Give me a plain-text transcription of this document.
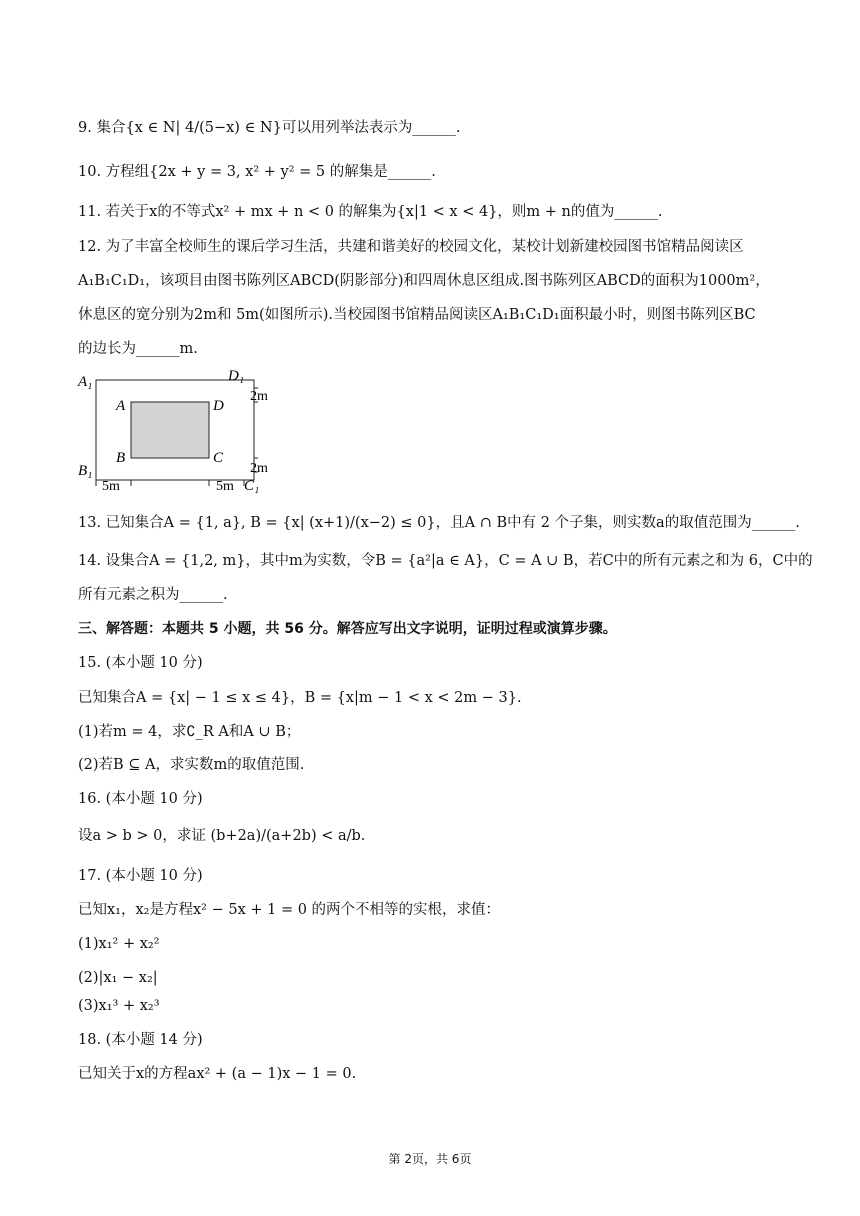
9. 集合{x ∈ N| 4/(5−x) ∈ N}可以用列举法表示为______.
10. 方程组{2x + y = 3, x² + y² = 5 的解集是______.
11. 若关于x的不等式x² + mx + n < 0 的解集为{x|1 < x < 4}，则m + n的值为______.
12. 为了丰富全校师生的课后学习生活，共建和谐美好的校园文化，某校计划新建校园图书馆精品阅读区
A₁B₁C₁D₁，该项目由图书陈列区ABCD(阴影部分)和四周休息区组成.图书陈列区ABCD的面积为1000m²，
休息区的宽分别为2m和 5m(如图所示).当校园图书馆精品阅读区A₁B₁C₁D₁面积最小时，则图书陈列区BC
的边长为______m.
A₁	D₁
B₁
C₁
A	D
B	C
2m
2m
5m	5m
13. 已知集合A = {1, a}, B = {x| (x+1)/(x−2) ≤ 0}，且A ∩ B中有 2 个子集，则实数a的取值范围为______.
14. 设集合A = {1,2, m}，其中m为实数，令B = {a²|a ∈ A}，C = A ∪ B，若C中的所有元素之和为 6，C中的
所有元素之积为______.
三、解答题：本题共 5 小题，共 56 分。解答应写出文字说明，证明过程或演算步骤。
15. (本小题 10 分)
已知集合A = {x| − 1 ≤ x ≤ 4}，B = {x|m − 1 < x < 2m − 3}.
(1)若m = 4，求∁_R A和A ∪ B；
(2)若B ⊆ A，求实数m的取值范围.
16. (本小题 10 分)
设a > b > 0，求证 (b+2a)/(a+2b) < a/b.
17. (本小题 10 分)
已知x₁，x₂是方程x² − 5x + 1 = 0 的两个不相等的实根，求值：
(1)x₁² + x₂²
(2)|x₁ − x₂|
(3)x₁³ + x₂³
18. (本小题 14 分)
已知关于x的方程ax² + (a − 1)x − 1 = 0.
第 2页，共 6页
